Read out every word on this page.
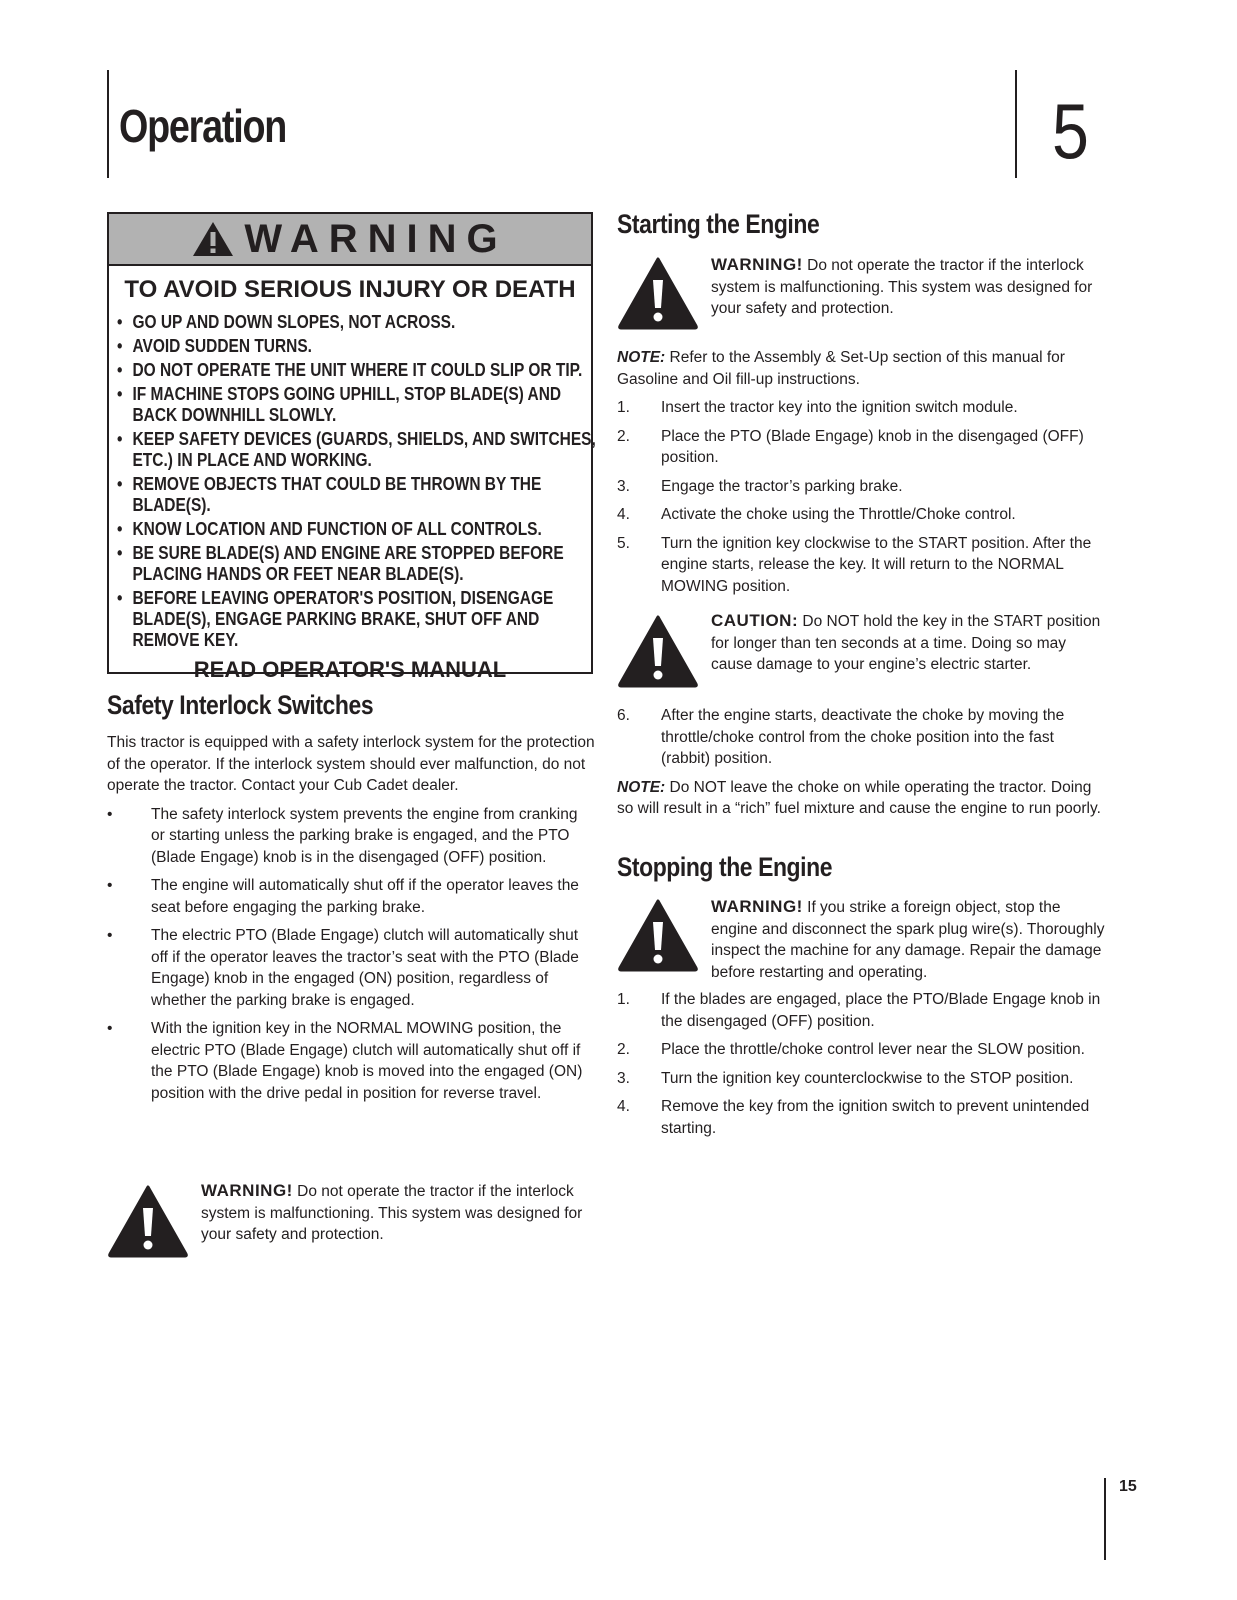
Operation	5
WARNING
TO AVOID SERIOUS INJURY OR DEATH
• GO UP AND DOWN SLOPES, NOT ACROSS.
• AVOID SUDDEN TURNS.
• DO NOT OPERATE THE UNIT WHERE IT COULD SLIP OR TIP.
• IF MACHINE STOPS GOING UPHILL, STOP BLADE(S) AND BACK DOWNHILL SLOWLY.
• KEEP SAFETY DEVICES (GUARDS, SHIELDS, AND SWITCHES, ETC.) IN PLACE AND WORKING.
• REMOVE OBJECTS THAT COULD BE THROWN BY THE BLADE(S).
• KNOW LOCATION AND FUNCTION OF ALL CONTROLS.
• BE SURE BLADE(S) AND ENGINE ARE STOPPED BEFORE PLACING HANDS OR FEET NEAR BLADE(S).
• BEFORE LEAVING OPERATOR'S POSITION, DISENGAGE BLADE(S), ENGAGE PARKING BRAKE, SHUT OFF AND REMOVE KEY.
READ OPERATOR'S MANUAL
Safety Interlock Switches

This tractor is equipped with a safety interlock system for the protection of the operator. If the interlock system should ever malfunction, do not operate the tractor. Contact your Cub Cadet dealer.

• The safety interlock system prevents the engine from cranking or starting unless the parking brake is engaged, and the PTO (Blade Engage) knob is in the disengaged (OFF) position.
• The engine will automatically shut off if the operator leaves the seat before engaging the parking brake.
• The electric PTO (Blade Engage) clutch will automatically shut off if the operator leaves the tractor’s seat with the PTO (Blade Engage) knob in the engaged (ON) position, regardless of whether the parking brake is engaged.
• With the ignition key in the NORMAL MOWING position, the electric PTO (Blade Engage) clutch will automatically shut off if the PTO (Blade Engage) knob is moved into the engaged (ON) position with the drive pedal in position for reverse travel.
WARNING! Do not operate the tractor if the interlock system is malfunctioning. This system was designed for your safety and protection.
Starting the Engine
WARNING! Do not operate the tractor if the interlock system is malfunctioning. This system was designed for your safety and protection.

NOTE: Refer to the Assembly & Set-Up section of this manual for Gasoline and Oil fill-up instructions.

1. Insert the tractor key into the ignition switch module.
2. Place the PTO (Blade Engage) knob in the disengaged (OFF) position.
3. Engage the tractor’s parking brake.
4. Activate the choke using the Throttle/Choke control.
5. Turn the ignition key clockwise to the START position. After the engine starts, release the key. It will return to the NORMAL MOWING position.
CAUTION: Do NOT hold the key in the START position for longer than ten seconds at a time. Doing so may cause damage to your engine’s electric starter.
6. After the engine starts, deactivate the choke by moving the throttle/choke control from the choke position into the fast (rabbit) position.

NOTE: Do NOT leave the choke on while operating the tractor. Doing so will result in a “rich” fuel mixture and cause the engine to run poorly.

Stopping the Engine
WARNING! If you strike a foreign object, stop the engine and disconnect the spark plug wire(s). Thoroughly inspect the machine for any damage. Repair the damage before restarting and operating.
1. If the blades are engaged, place the PTO/Blade Engage knob in the disengaged (OFF) position.
2. Place the throttle/choke control lever near the SLOW position.
3. Turn the ignition key counterclockwise to the STOP position.
4. Remove the key from the ignition switch to prevent unintended starting.
15
